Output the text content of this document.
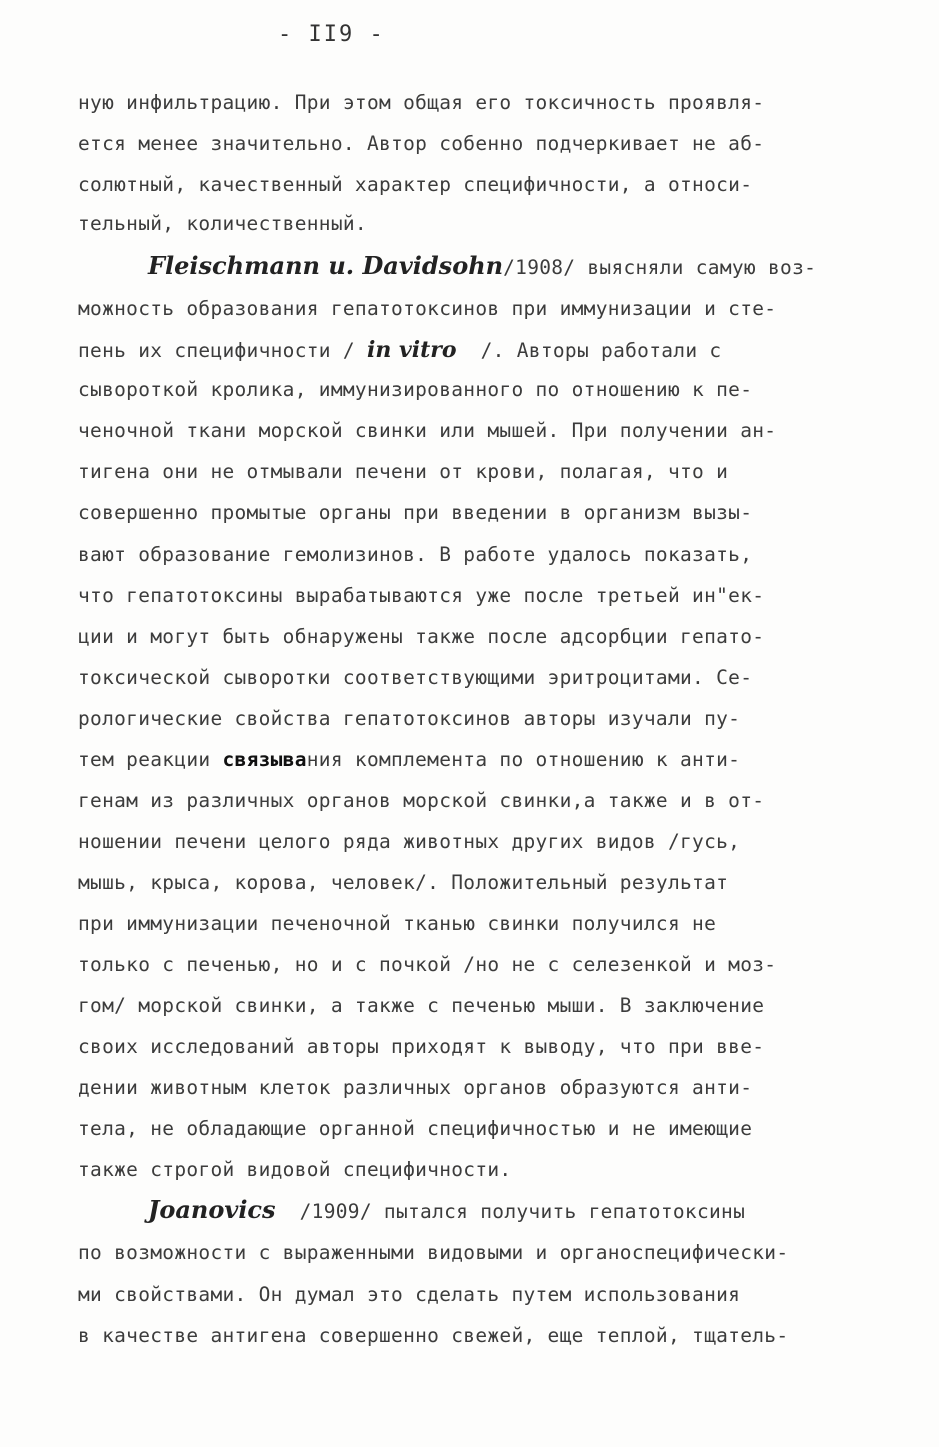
- II9 -
ную инфильтрацию. При этом общая его токсичность проявля-
ется менее значительно. Автор собенно подчеркивает не аб-
солютный, качественный характер специфичности, а относи-
тельный, количественный.
Fleischmann u. Davidsohn/1908/ выясняли самую воз-
можность образования гепатотоксинов при иммунизации и сте-
пень их специфичности / in vitro  /. Авторы работали с
сывороткой кролика, иммунизированного по отношению к пе-
ченочной ткани морской свинки или мышей. При получении ан-
тигена они не отмывали печени от крови, полагая, что и
совершенно промытые органы при введении в организм вызы-
вают образование гемолизинов. В работе удалось показать,
что гепатотоксины вырабатываются уже после третьей ин"ек-
ции и могут быть обнаружены также после адсорбции гепато-
токсической сыворотки соответствующими эритроцитами. Се-
рологические свойства гепатотоксинов авторы изучали пу-
тем реакции связывания комплемента по отношению к анти-
генам из различных органов морской свинки,а также и в от-
ношении печени целого ряда животных других видов /гусь,
мышь, крыса, корова, человек/. Положительный результат
при иммунизации печеночной тканью свинки получился не
только с печенью, но и с почкой /но не с селезенкой и моз-
гом/ морской свинки, а также с печенью мыши. В заключение
своих исследований авторы приходят к выводу, что при вве-
дении животным клеток различных органов образуются анти-
тела, не обладающие органной специфичностью и не имеющие
также строгой видовой специфичности.
Joanovics  /1909/ пытался получить гепатотоксины
по возможности с выраженными видовыми и органоспецифически-
ми свойствами. Он думал это сделать путем использования
в качестве антигена совершенно свежей, еще теплой, тщатель-
